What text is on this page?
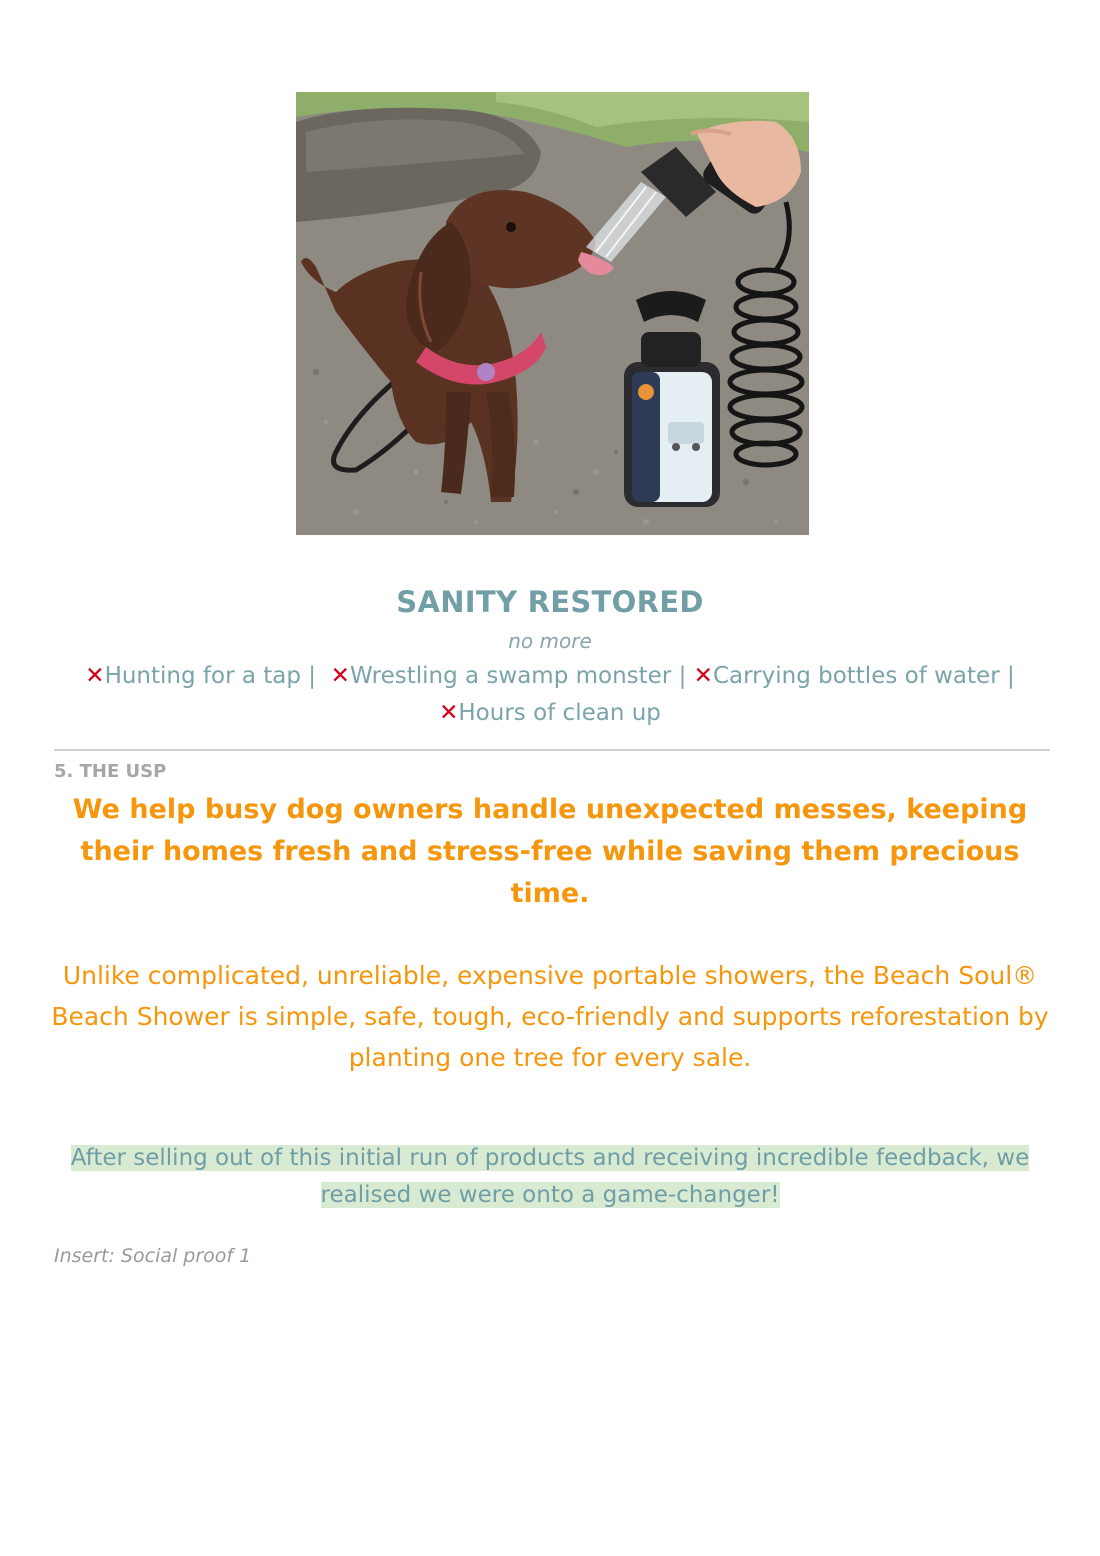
SANITY RESTORED
no more
✕Hunting for a tap | ✕Wrestling a swamp monster | ✕Carrying bottles of water | ✕Hours of clean up
5. THE USP
We help busy dog owners handle unexpected messes, keeping their homes fresh and stress-free while saving them precious time.
Unlike complicated, unreliable, expensive portable showers, the Beach Soul® Beach Shower is simple, safe, tough, eco-friendly and supports reforestation by planting one tree for every sale.
After selling out of this initial run of products and receiving incredible feedback, we realised we were onto a game-changer!
Insert: Social proof 1
